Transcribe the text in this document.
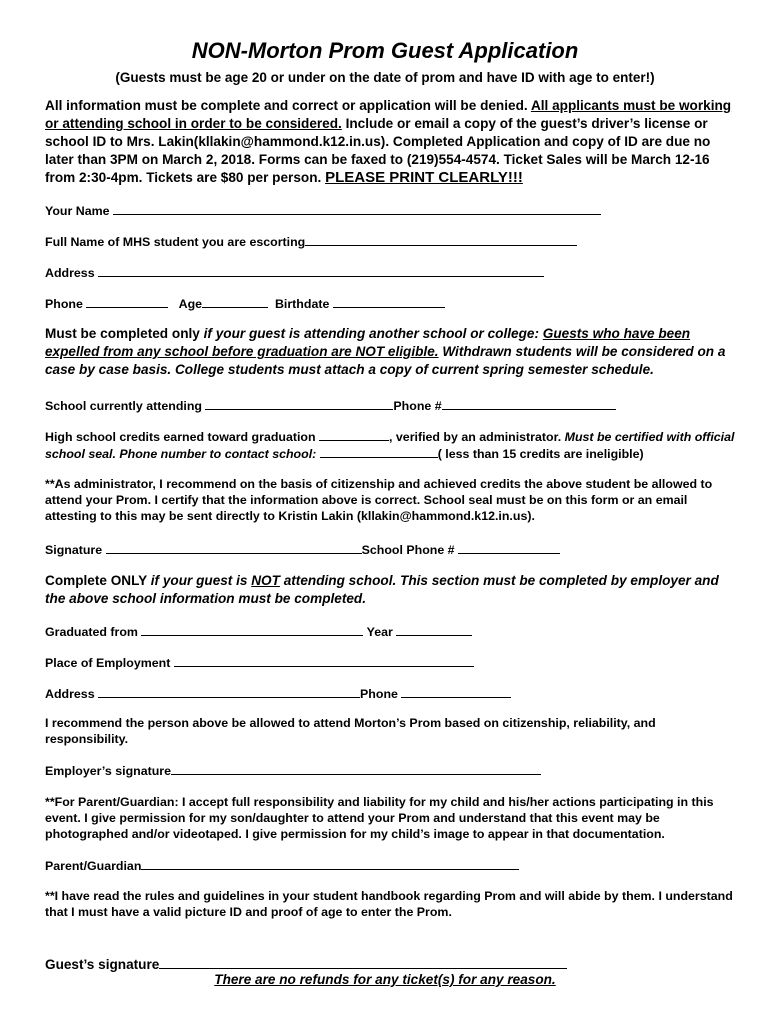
NON-Morton Prom Guest Application
(Guests must be age 20 or under on the date of prom and have ID with age to enter!)
All information must be complete and correct or application will be denied. All applicants must be working or attending school in order to be considered. Include or email a copy of the guest’s driver’s license or school ID to Mrs. Lakin(kllakin@hammond.k12.in.us). Completed Application and copy of ID are due no later than 3PM on March 2, 2018. Forms can be faxed to (219)554-4574. Ticket Sales will be March 12-16 from 2:30-4pm. Tickets are $80 per person. PLEASE PRINT CLEARLY!!!
Your Name
Full Name of MHS student you are escorting
Address
Phone	Age	Birthdate
Must be completed only if your guest is attending another school or college: Guests who have been expelled from any school before graduation are NOT eligible. Withdrawn students will be considered on a case by case basis. College students must attach a copy of current spring semester schedule.
School currently attending	Phone #
High school credits earned toward graduation	, verified by an administrator. Must be certified with official school seal. Phone number to contact school:	( less than 15 credits are ineligible)
**As administrator, I recommend on the basis of citizenship and achieved credits the above student be allowed to attend your Prom. I certify that the information above is correct. School seal must be on this form or an email attesting to this may be sent directly to Kristin Lakin (kllakin@hammond.k12.in.us).
Signature	School Phone #
Complete ONLY if your guest is NOT attending school. This section must be completed by employer and the above school information must be completed.
Graduated from	Year
Place of Employment
Address	Phone
I recommend the person above be allowed to attend Morton’s Prom based on citizenship, reliability, and responsibility.
Employer’s signature
**For Parent/Guardian: I accept full responsibility and liability for my child and his/her actions participating in this event. I give permission for my son/daughter to attend your Prom and understand that this event may be photographed and/or videotaped. I give permission for my child’s image to appear in that documentation.
Parent/Guardian
**I have read the rules and guidelines in your student handbook regarding Prom and will abide by them. I understand that I must have a valid picture ID and proof of age to enter the Prom.
Guest’s signature
There are no refunds for any ticket(s) for any reason.
